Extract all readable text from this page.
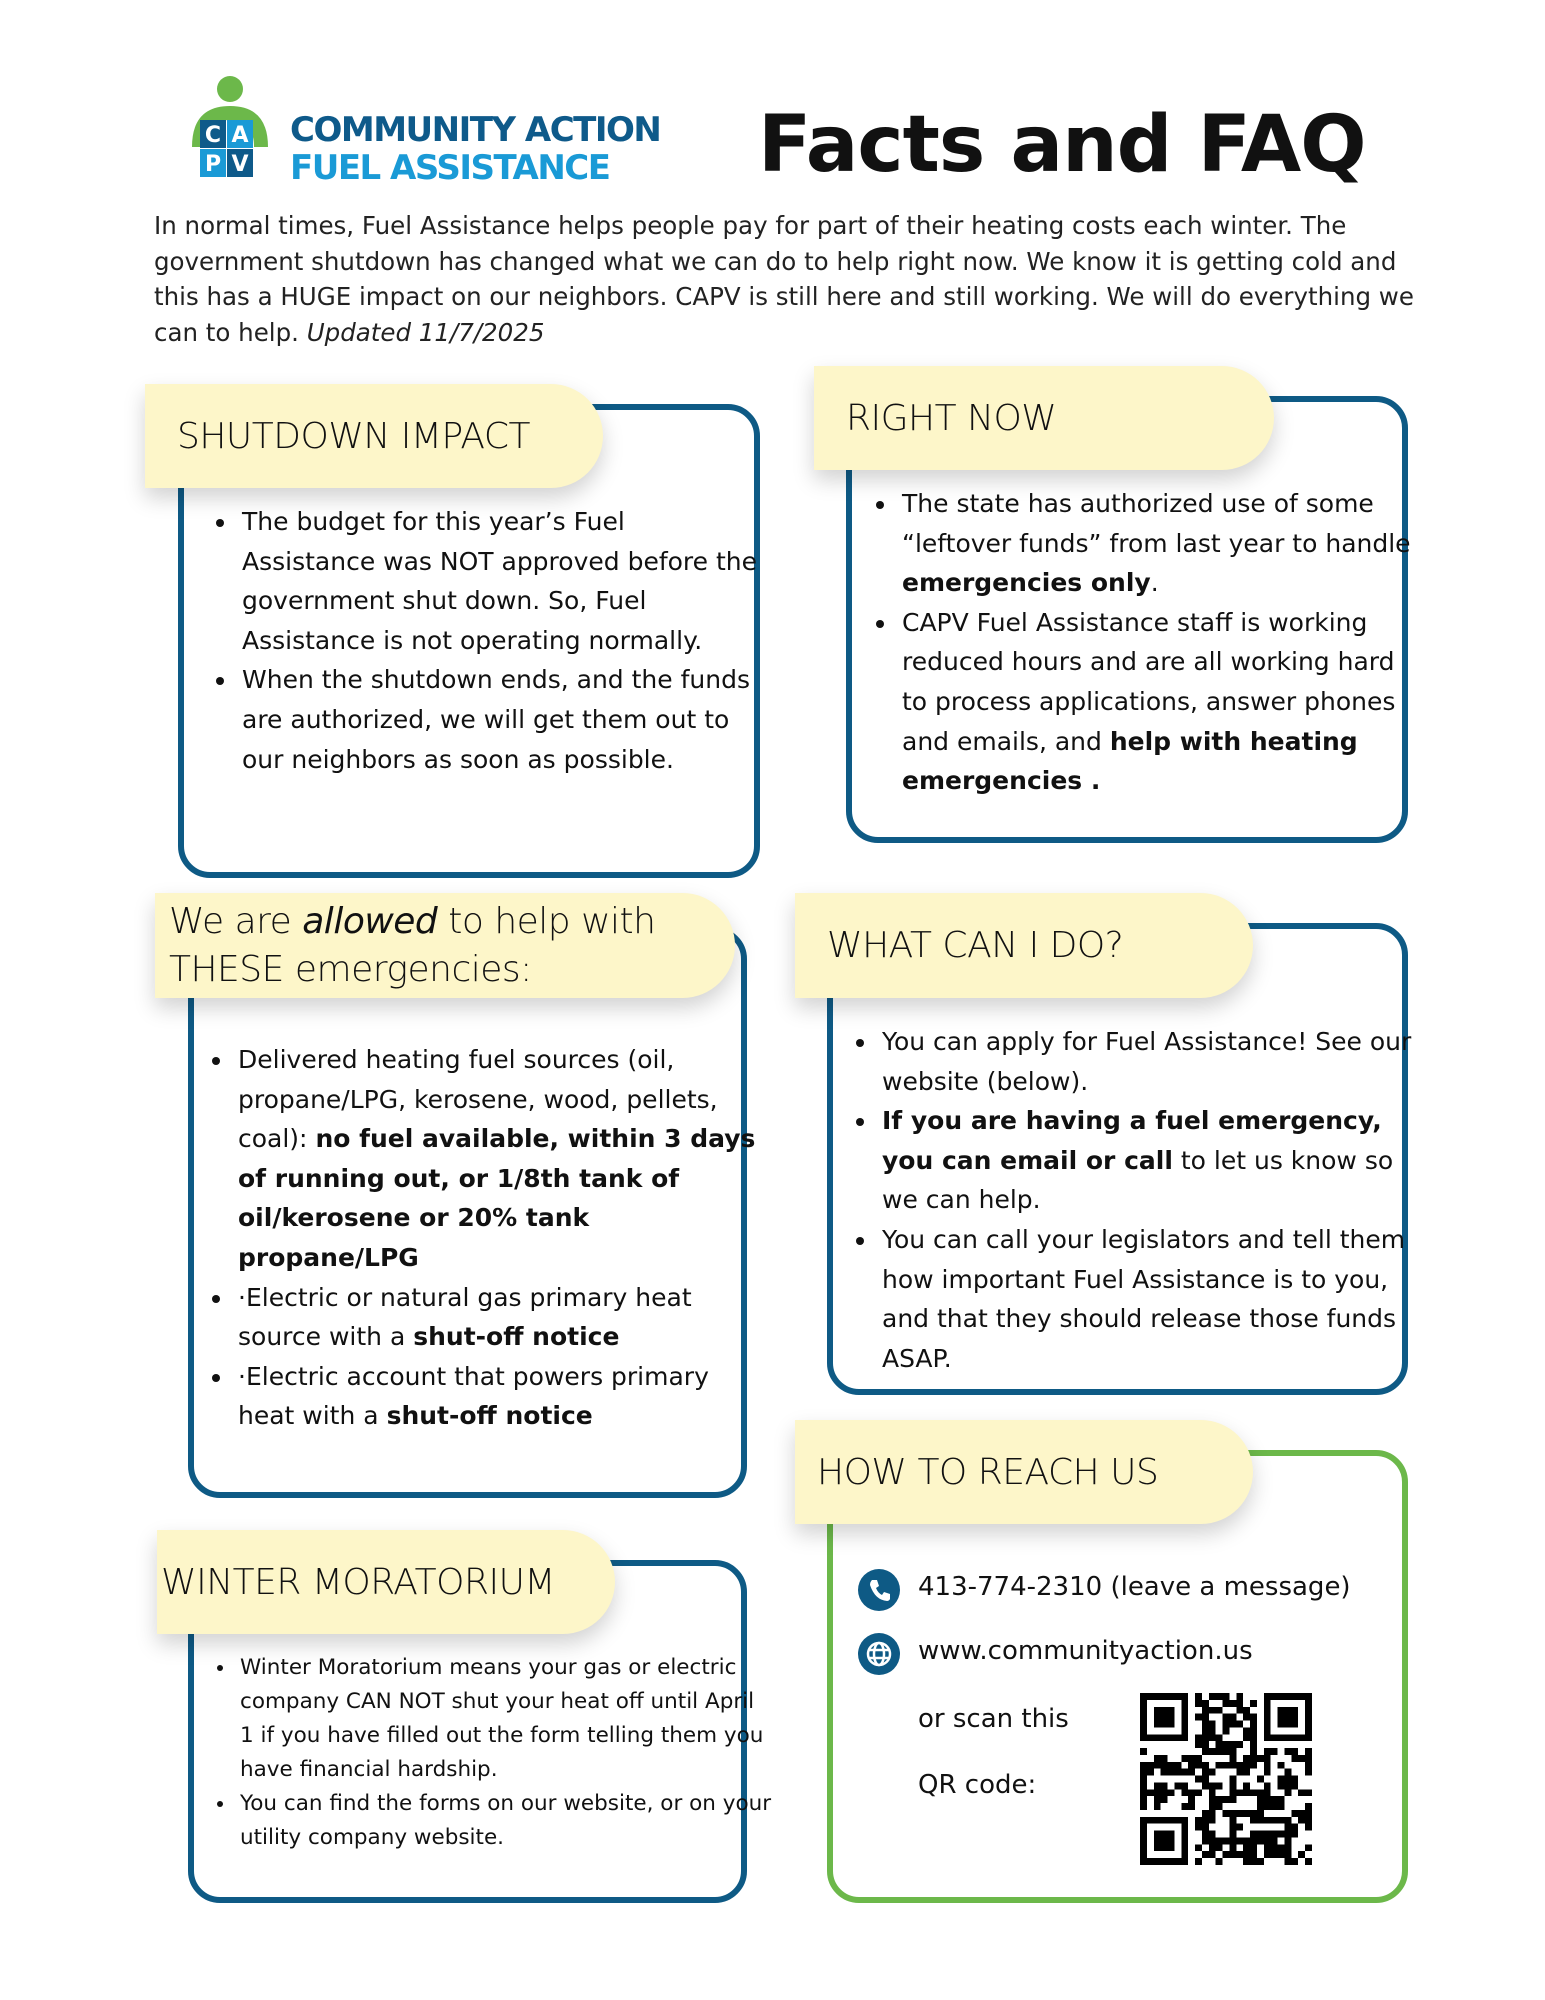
C A
P V
COMMUNITY ACTION
FUEL ASSISTANCE Facts and FAQ
In normal times, Fuel Assistance helps people pay for part of their heating costs each winter. The government shutdown has changed what we can do to help right now. We know it is getting cold and this has a HUGE impact on our neighbors. CAPV is still here and still working. We will do everything we can to help. Updated 11/7/2025
SHUTDOWN IMPACT
• The budget for this year’s Fuel Assistance was NOT approved before the government shut down. So, Fuel Assistance is not operating normally.
• When the shutdown ends, and the funds are authorized, we will get them out to our neighbors as soon as possible.
RIGHT NOW
• The state has authorized use of some “leftover funds” from last year to handle emergencies only.
• CAPV Fuel Assistance staff is working reduced hours and are all working hard to process applications, answer phones and emails, and help with heating emergencies .
We are allowed to help with THESE emergencies:
• Delivered heating fuel sources (oil, propane/LPG, kerosene, wood, pellets, coal): no fuel available, within 3 days of running out, or 1/8th tank of oil/kerosene or 20% tank propane/LPG
• ·Electric or natural gas primary heat source with a shut-off notice
• ·Electric account that powers primary heat with a shut-off notice
WHAT CAN I DO?
• You can apply for Fuel Assistance! See our website (below).
• If you are having a fuel emergency, you can email or call to let us know so we can help.
• You can call your legislators and tell them how important Fuel Assistance is to you, and that they should release those funds ASAP.
WINTER MORATORIUM
• Winter Moratorium means your gas or electric company CAN NOT shut your heat off until April 1 if you have filled out the form telling them you have financial hardship.
• You can find the forms on our website, or on your utility company website.
HOW TO REACH US
413-774-2310 (leave a message)
www.communityaction.us
or scan this
QR code:
